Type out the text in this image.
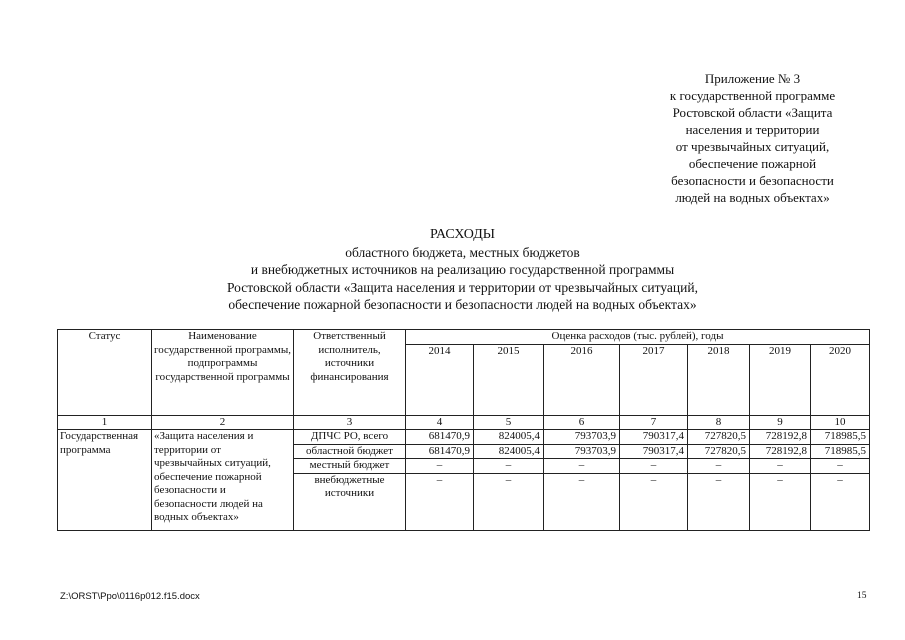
Приложение № 3
к государственной программе
Ростовской области «Защита
населения и территории
от чрезвычайных ситуаций,
обеспечение пожарной
безопасности и безопасности
людей на водных объектах»
РАСХОДЫ
областного бюджета, местных бюджетов
и внебюджетных источников на реализацию государственной программы
Ростовской области «Защита населения и территории от чрезвычайных ситуаций,
обеспечение пожарной безопасности и безопасности людей на водных объектах»
Статус	Наименование государственной программы, подпрограммы государственной программы	Ответственный исполнитель, источники финансирования	Оценка расходов (тыс. рублей), годы						
			2014	2015	2016	2017	2018	2019	2020
1	2	3	4	5	6	7	8	9	10
Государственная программа	«Защита населения и территории от чрезвычайных ситуаций, обеспечение пожарной безопасности и безопасности людей на водных объектах»	ДПЧС РО, всего	681470,9	824005,4	793703,9	790317,4	727820,5	728192,8	718985,5
		областной бюджет	681470,9	824005,4	793703,9	790317,4	727820,5	728192,8	718985,5
		местный бюджет	–	–	–	–	–	–	–
		внебюджетные источники	–	–	–	–	–	–	–
Z:\ORST\Ppo\0116p012.f15.docx	15
